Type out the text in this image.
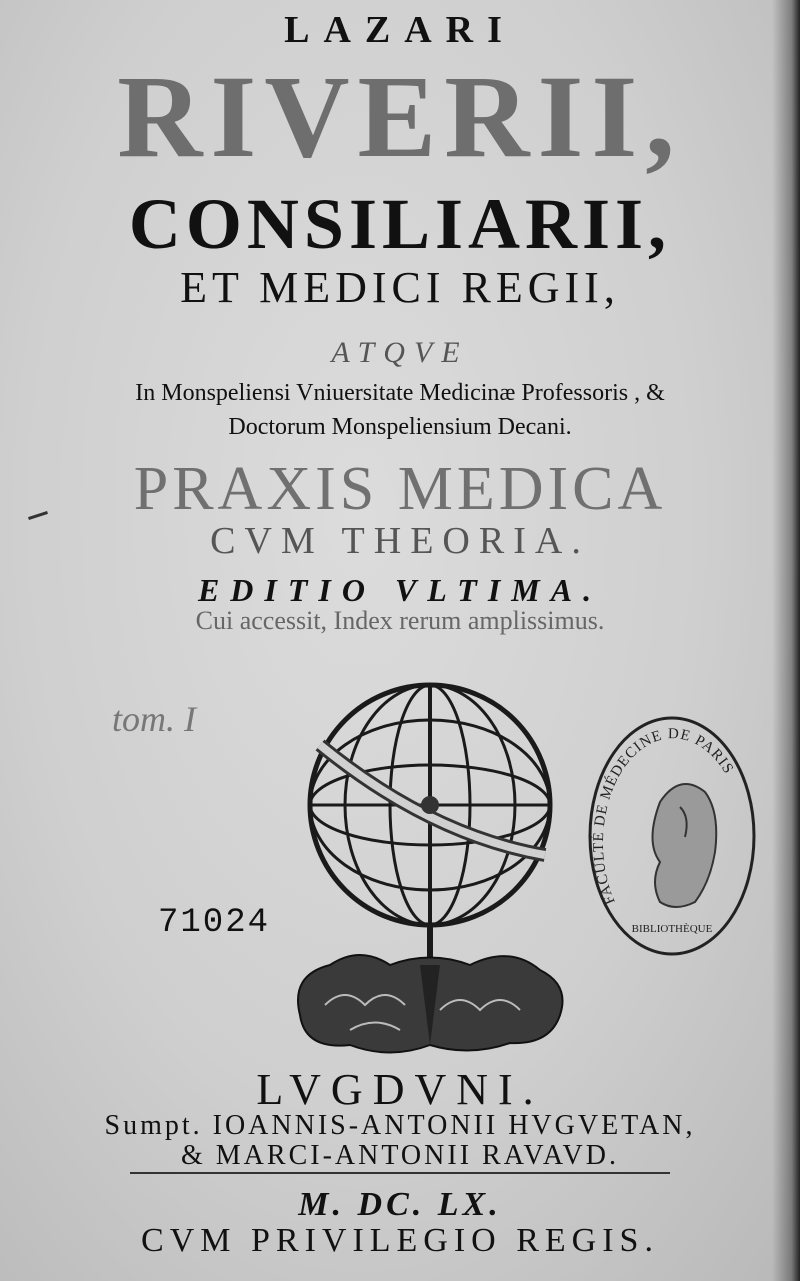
LAZARI
RIVERII,
CONSILIARII,
ET MEDICI REGII,
ATQVE
In Monspeliensi Vniuersitate Medicinæ Professoris , &
Doctorum Monspeliensium Decani.
PRAXIS MEDICA
CVM THEORIA.
EDITIO VLTIMA.
Cui accessit, Index rerum amplissimus.
tom. I
71024
FACULTÉ DE MÉDECINE DE PARIS
BIBLIOTHÈQUE
LVGDVNI.
Sumpt. IOANNIS-ANTONII HVGVETAN,
& MARCI-ANTONII RAVAVD.
M. DC. LX.
CVM PRIVILEGIO REGIS.
